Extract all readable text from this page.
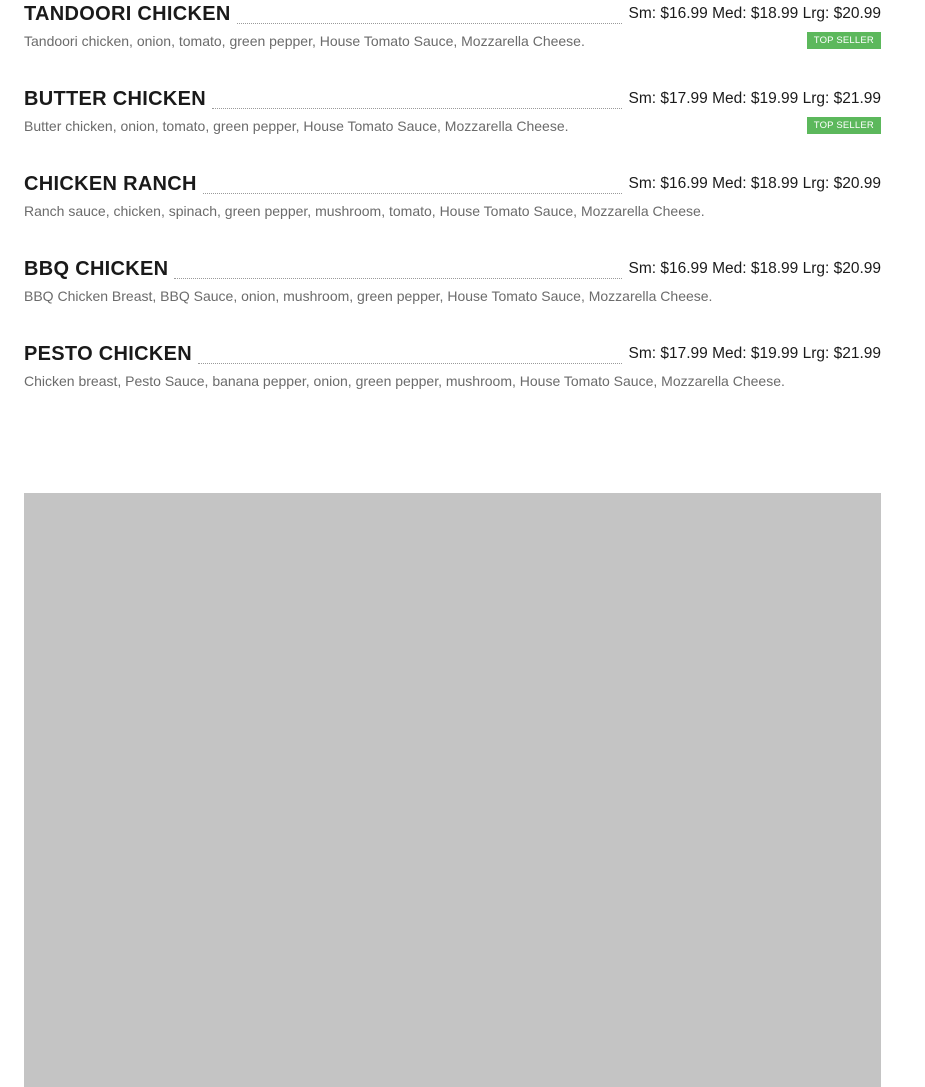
TANDOORI CHICKEN	Sm: $16.99 Med: $18.99 Lrg: $20.99
Tandoori chicken, onion, tomato, green pepper, House Tomato Sauce, Mozzarella Cheese.	TOP SELLER
BUTTER CHICKEN	Sm: $17.99 Med: $19.99 Lrg: $21.99
Butter chicken, onion, tomato, green pepper, House Tomato Sauce, Mozzarella Cheese.	TOP SELLER
CHICKEN RANCH	Sm: $16.99 Med: $18.99 Lrg: $20.99
Ranch sauce, chicken, spinach, green pepper, mushroom, tomato, House Tomato Sauce, Mozzarella Cheese.
BBQ CHICKEN	Sm: $16.99 Med: $18.99 Lrg: $20.99
BBQ Chicken Breast, BBQ Sauce, onion, mushroom, green pepper, House Tomato Sauce, Mozzarella Cheese.
PESTO CHICKEN	Sm: $17.99 Med: $19.99 Lrg: $21.99
Chicken breast, Pesto Sauce, banana pepper, onion, green pepper, mushroom, House Tomato Sauce, Mozzarella Cheese.
